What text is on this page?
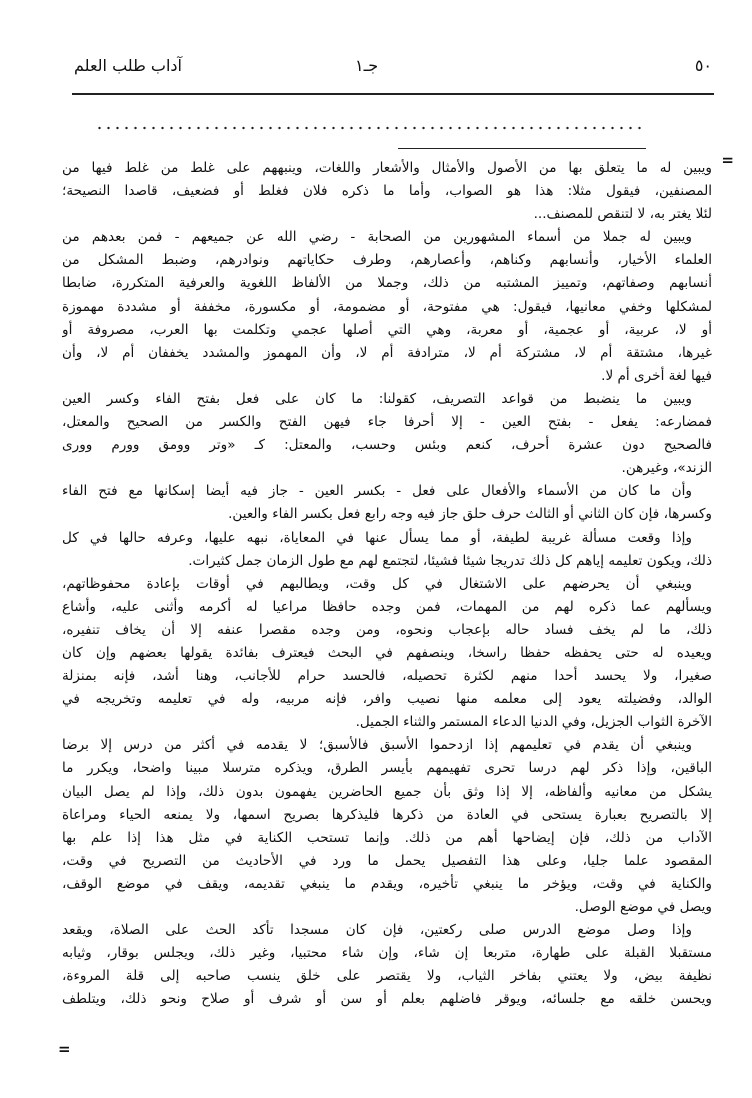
٥٠
جـ١
آداب طلب العلم
=
=
ويبين له ما يتعلق بها من الأصول والأمثال والأشعار واللغات، وينبههم على غلط من غلط فيها من
المصنفين، فيقول مثلا: هذا هو الصواب، وأما ما ذكره فلان فغلط أو فضعيف، قاصدا النصيحة؛
لئلا يغتر به، لا لتنقص للمصنف...
ويبين له جملا من أسماء المشهورين من الصحابة - رضي الله عن جميعهم - فمن بعدهم من
العلماء الأخيار، وأنسابهم وكناهم، وأعصارهم، وطرف حكاياتهم ونوادرهم، وضبط المشكل من
أنسابهم وصفاتهم، وتمييز المشتبه من ذلك، وجملا من الألفاظ اللغوية والعرفية المتكررة، ضابطا
لمشكلها وخفي معانيها، فيقول: هي مفتوحة، أو مضمومة، أو مكسورة، مخففة أو مشددة مهموزة
أو لا، عربية، أو عجمية، أو معربة، وهي التي أصلها عجمي وتكلمت بها العرب، مصروفة أو
غيرها، مشتقة أم لا، مشتركة أم لا، مترادفة أم لا، وأن المهموز والمشدد يخففان أم لا، وأن
فيها لغة أخرى أم لا.
ويبين ما ينضبط من قواعد التصريف، كقولنا: ما كان على فعل بفتح الفاء وكسر العين
فمضارعه: يفعل - بفتح العين - إلا أحرفا جاء فيهن الفتح والكسر من الصحيح والمعتل،
فالصحيح دون عشرة أحرف، كنعم وبئس وحسب، والمعتل: كـ «وتر وومق وورم وورى
الزند»، وغيرهن.
وأن ما كان من الأسماء والأفعال على فعل - بكسر العين - جاز فيه أيضا إسكانها مع فتح الفاء
وكسرها، فإن كان الثاني أو الثالث حرف حلق جاز فيه وجه رابع فعل بكسر الفاء والعين.
وإذا وقعت مسألة غريبة لطيفة، أو مما يسأل عنها في المعاياة، نبهه عليها، وعرفه حالها في كل
ذلك، ويكون تعليمه إياهم كل ذلك تدريجا شيئا فشيئا، لتجتمع لهم مع طول الزمان جمل كثيرات.
وينبغي أن يحرضهم على الاشتغال في كل وقت، ويطالبهم في أوقات بإعادة محفوظاتهم،
ويسألهم عما ذكره لهم من المهمات، فمن وجده حافظا مراعيا له أكرمه وأثنى عليه، وأشاع
ذلك، ما لم يخف فساد حاله بإعجاب ونحوه، ومن وجده مقصرا عنفه إلا أن يخاف تنفيره،
ويعيده له حتى يحفظه حفظا راسخا، وينصفهم في البحث فيعترف بفائدة يقولها بعضهم وإن كان
صغيرا، ولا يحسد أحدا منهم لكثرة تحصيله، فالحسد حرام للأجانب، وهنا أشد، فإنه بمنزلة
الوالد، وفضيلته يعود إلى معلمه منها نصيب وافر، فإنه مربيه، وله في تعليمه وتخريجه في
الآخرة الثواب الجزيل، وفي الدنيا الدعاء المستمر والثناء الجميل.
وينبغي أن يقدم في تعليمهم إذا ازدحموا الأسبق فالأسبق؛ لا يقدمه في أكثر من درس إلا برضا
الباقين، وإذا ذكر لهم درسا تحرى تفهيمهم بأيسر الطرق، ويذكره مترسلا مبينا واضحا، ويكرر ما
يشكل من معانيه وألفاظه، إلا إذا وثق بأن جميع الحاضرين يفهمون بدون ذلك، وإذا لم يصل البيان
إلا بالتصريح بعبارة يستحى في العادة من ذكرها فليذكرها بصريح اسمها، ولا يمنعه الحياء ومراعاة
الآداب من ذلك، فإن إيضاحها أهم من ذلك. وإنما تستحب الكناية في مثل هذا إذا علم بها
المقصود علما جليا، وعلى هذا التفصيل يحمل ما ورد في الأحاديث من التصريح في وقت،
والكناية في وقت، ويؤخر ما ينبغي تأخيره، ويقدم ما ينبغي تقديمه، ويقف في موضع الوقف،
ويصل في موضع الوصل.
وإذا وصل موضع الدرس صلى ركعتين، فإن كان مسجدا تأكد الحث على الصلاة، ويقعد
مستقبلا القبلة على طهارة، متربعا إن شاء، وإن شاء محتبيا، وغير ذلك، ويجلس بوقار، وثيابه
نظيفة بيض، ولا يعتني بفاخر الثياب، ولا يقتصر على خلق ينسب صاحبه إلى قلة المروءة،
ويحسن خلقه مع جلسائه، ويوقر فاضلهم بعلم أو سن أو شرف أو صلاح ونحو ذلك، ويتلطف
